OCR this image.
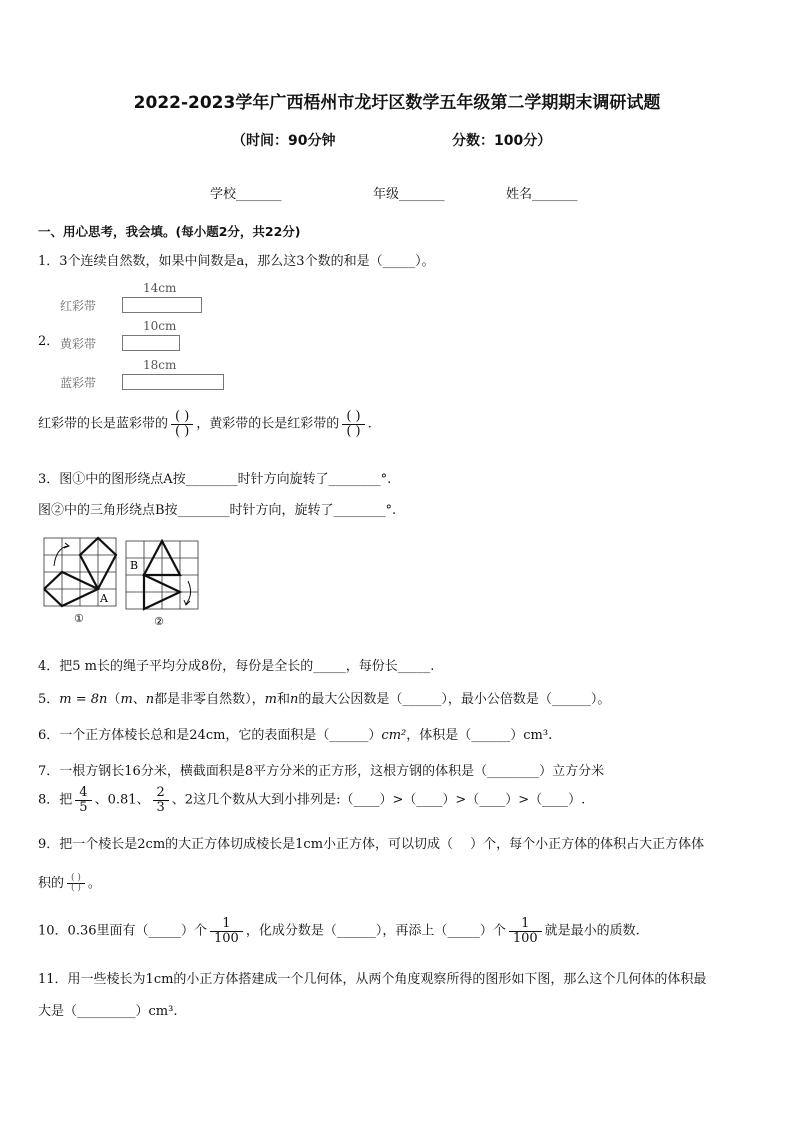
2022-2023学年广西梧州市龙圩区数学五年级第二学期期末调研试题
（时间：90分钟	分数：100分）
学校_______	年级_______	姓名_______
一、用心思考，我会填。(每小题2分，共22分)
1．3个连续自然数，如果中间数是a，那么这3个数的和是（_____）。
2．
14cm
红彩带
10cm
黄彩带
18cm
蓝彩带
红彩带的长是蓝彩带的 $\frac{( )}{( )}$ ，黄彩带的长是红彩带的 $\frac{( )}{( )}$ .
3．图①中的图形绕点A按________时针方向旋转了________°.
图②中的三角形绕点B按________时针方向，旋转了________°.
A
①
B
②
4．把5 m长的绳子平均分成8份，每份是全长的_____，每份长_____.
5．m = 8n（m、n都是非零自然数），m和n的最大公因数是（______），最小公倍数是（______）。
6．一个正方体棱长总和是24cm，它的表面积是（______）cm²，体积是（______）cm³.
7．一根方钢长16分米，横截面积是8平方分米的正方形，这根方钢的体积是（________）立方分米
8．把 $\frac{4}{5}$ 、0.81、 $\frac{2}{3}$ 、2这几个数从大到小排列是:（____）>（____）>（____）>（____）.
9．把一个棱长是2cm的大正方体切成棱长是1cm小正方体，可以切成（　 ）个，每个小正方体的体积占大正方体体
积的 $\frac{( )}{( )}$ 。
10．0.36里面有（_____）个 $\frac{1}{100}$ ，化成分数是（______），再添上（_____）个 $\frac{1}{100}$ 就是最小的质数.
11．用一些棱长为1cm的小正方体搭建成一个几何体，从两个角度观察所得的图形如下图，那么这个几何体的体积最
大是（_________）cm³.
